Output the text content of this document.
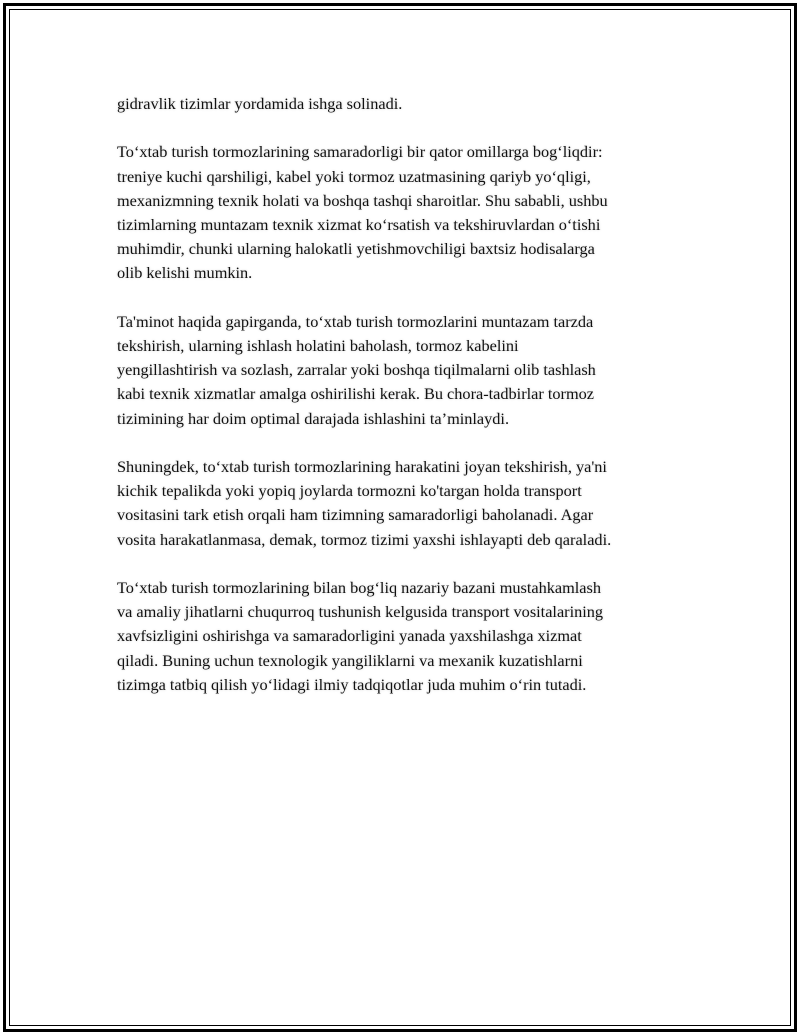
gidravlik tizimlar yordamida ishga solinadi.

To‘xtab turish tormozlarining samaradorligi bir qator omillarga bog‘liqdir:
treniye kuchi qarshiligi, kabel yoki tormoz uzatmasining qariyb yo‘qligi,
mexanizmning texnik holati va boshqa tashqi sharoitlar. Shu sababli, ushbu
tizimlarning muntazam texnik xizmat ko‘rsatish va tekshiruvlardan o‘tishi
muhimdir, chunki ularning halokatli yetishmovchiligi baxtsiz hodisalarga
olib kelishi mumkin.

Ta'minot haqida gapirganda, to‘xtab turish tormozlarini muntazam tarzda
tekshirish, ularning ishlash holatini baholash, tormoz kabelini
yengillashtirish va sozlash, zarralar yoki boshqa tiqilmalarni olib tashlash
kabi texnik xizmatlar amalga oshirilishi kerak. Bu chora-tadbirlar tormoz
tizimining har doim optimal darajada ishlashini ta’minlaydi.

Shuningdek, to‘xtab turish tormozlarining harakatini joyan tekshirish, ya'ni
kichik tepalikda yoki yopiq joylarda tormozni ko'targan holda transport
vositasini tark etish orqali ham tizimning samaradorligi baholanadi. Agar
vosita harakatlanmasa, demak, tormoz tizimi yaxshi ishlayapti deb qaraladi.

To‘xtab turish tormozlarining bilan bog‘liq nazariy bazani mustahkamlash
va amaliy jihatlarni chuqurroq tushunish kelgusida transport vositalarining
xavfsizligini oshirishga va samaradorligini yanada yaxshilashga xizmat
qiladi. Buning uchun texnologik yangiliklarni va mexanik kuzatishlarni
tizimga tatbiq qilish yo‘lidagi ilmiy tadqiqotlar juda muhim o‘rin tutadi.
